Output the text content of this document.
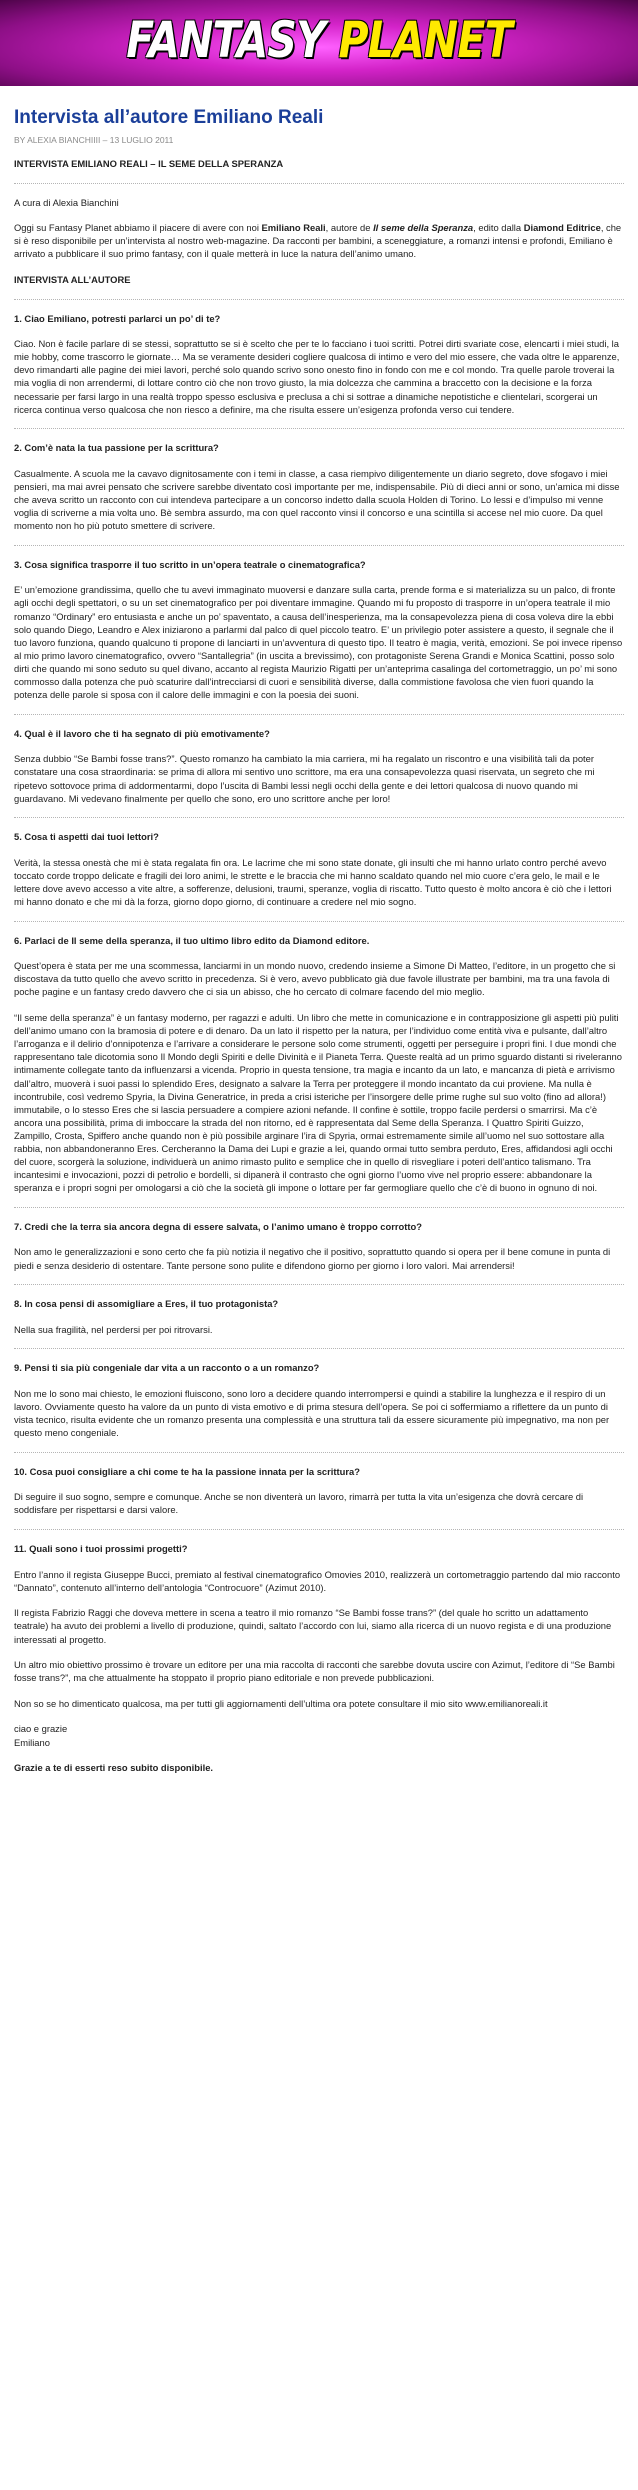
FANTASY PLANET
Intervista all’autore Emiliano Reali
BY ALEXIA BIANCHIIII – 13 LUGLIO 2011

INTERVISTA EMILIANO REALI – IL SEME DELLA SPERANZA

A cura di Alexia Bianchini

Oggi su Fantasy Planet abbiamo il piacere di avere con noi Emiliano Reali, autore de Il seme della Speranza, edito dalla Diamond Editrice, che si è reso disponibile per un’intervista al nostro web-magazine. Da racconti per bambini, a sceneggiature, a romanzi intensi e profondi, Emiliano è arrivato a pubblicare il suo primo fantasy, con il quale metterà in luce la natura dell’animo umano.

INTERVISTA ALL’AUTORE

1. Ciao Emiliano, potresti parlarci un po’ di te?

Ciao. Non è facile parlare di se stessi, soprattutto se si è scelto che per te lo facciano i tuoi scritti. Potrei dirti svariate cose, elencarti i miei studi, la mie hobby, come trascorro le giornate… Ma se veramente desideri cogliere qualcosa di intimo e vero del mio essere, che vada oltre le apparenze, devo rimandarti alle pagine dei miei lavori, perché solo quando scrivo sono onesto fino in fondo con me e col mondo. Tra quelle parole troverai la mia voglia di non arrendermi, di lottare contro ciò che non trovo giusto, la mia dolcezza che cammina a braccetto con la decisione e la forza necessarie per farsi largo in una realtà troppo spesso esclusiva e preclusa a chi si sottrae a dinamiche nepotistiche e clientelari, scorgerai un ricerca continua verso qualcosa che non riesco a definire, ma che risulta essere un’esigenza profonda verso cui tendere.

2. Com’è nata la tua passione per la scrittura?

Casualmente. A scuola me la cavavo dignitosamente con i temi in classe, a casa riempivo diligentemente un diario segreto, dove sfogavo i miei pensieri, ma mai avrei pensato che scrivere sarebbe diventato così importante per me, indispensabile. Più di dieci anni or sono, un’amica mi disse che aveva scritto un racconto con cui intendeva partecipare a un concorso indetto dalla scuola Holden di Torino. Lo lessi e d’impulso mi venne voglia di scriverne a mia volta uno. Bè sembra assurdo, ma con quel racconto vinsi il concorso e una scintilla si accese nel mio cuore. Da quel momento non ho più potuto smettere di scrivere.

3. Cosa significa trasporre il tuo scritto in un’opera teatrale o cinematografica?

E’ un’emozione grandissima, quello che tu avevi immaginato muoversi e danzare sulla carta, prende forma e si materializza su un palco, di fronte agli occhi degli spettatori, o su un set cinematografico per poi diventare immagine. Quando mi fu proposto di trasporre in un’opera teatrale il mio romanzo “Ordinary” ero entusiasta e anche un po’ spaventato, a causa dell’inesperienza, ma la consapevolezza piena di cosa voleva dire la ebbi solo quando Diego, Leandro e Alex iniziarono a parlarmi dal palco di quel piccolo teatro. E’ un privilegio poter assistere a questo, il segnale che il tuo lavoro funziona, quando qualcuno ti propone di lanciarti in un’avventura di questo tipo. Il teatro è magia, verità, emozioni. Se poi invece ripenso al mio primo lavoro cinematografico, ovvero “Santallegria” (in uscita a brevissimo), con protagoniste Serena Grandi e Monica Scattini, posso solo dirti che quando mi sono seduto su quel divano, accanto al regista Maurizio Rigatti per un’anteprima casalinga del cortometraggio, un po’ mi sono commosso dalla potenza che può scaturire dall’intrecciarsi di cuori e sensibilità diverse, dalla commistione favolosa che vien fuori quando la potenza delle parole si sposa con il calore delle immagini e con la poesia dei suoni.

4. Qual è il lavoro che ti ha segnato di più emotivamente?

Senza dubbio “Se Bambi fosse trans?”. Questo romanzo ha cambiato la mia carriera, mi ha regalato un riscontro e una visibilità tali da poter constatare una cosa straordinaria: se prima di allora mi sentivo uno scrittore, ma era una consapevolezza quasi riservata, un segreto che mi ripetevo sottovoce prima di addormentarmi, dopo l’uscita di Bambi lessi negli occhi della gente e dei lettori qualcosa di nuovo quando mi guardavano. Mi vedevano finalmente per quello che sono, ero uno scrittore anche per loro!

5. Cosa ti aspetti dai tuoi lettori?

Verità, la stessa onestà che mi è stata regalata fin ora. Le lacrime che mi sono state donate, gli insulti che mi hanno urlato contro perché avevo toccato corde troppo delicate e fragili dei loro animi, le strette e le braccia che mi hanno scaldato quando nel mio cuore c’era gelo, le mail e le lettere dove avevo accesso a vite altre, a sofferenze, delusioni, traumi, speranze, voglia di riscatto. Tutto questo è molto ancora è ciò che i lettori mi hanno donato e che mi dà la forza, giorno dopo giorno, di continuare a credere nel mio sogno.

6. Parlaci de Il seme della speranza, il tuo ultimo libro edito da Diamond editore.

Quest’opera è stata per me una scommessa, lanciarmi in un mondo nuovo, credendo insieme a Simone Di Matteo, l’editore, in un progetto che si discostava da tutto quello che avevo scritto in precedenza. Si è vero, avevo pubblicato già due favole illustrate per bambini, ma tra una favola di poche pagine e un fantasy credo davvero che ci sia un abisso, che ho cercato di colmare facendo del mio meglio.

“Il seme della speranza” è un fantasy moderno, per ragazzi e adulti. Un libro che mette in comunicazione e in contrapposizione gli aspetti più puliti dell’animo umano con la bramosia di potere e di denaro. Da un lato il rispetto per la natura, per l’individuo come entità viva e pulsante, dall’altro l’arroganza e il delirio d’onnipotenza e l’arrivare a considerare le persone solo come strumenti, oggetti per perseguire i propri fini. I due mondi che rappresentano tale dicotomia sono Il Mondo degli Spiriti e delle Divinità e il Pianeta Terra. Queste realtà ad un primo sguardo distanti si riveleranno intimamente collegate tanto da influenzarsi a vicenda. Proprio in questa tensione, tra magia e incanto da un lato, e mancanza di pietà e arrivismo dall’altro, muoverà i suoi passi lo splendido Eres, designato a salvare la Terra per proteggere il mondo incantato da cui proviene. Ma nulla è incontrubile, così vedremo Spyria, la Divina Generatrice, in preda a crisi isteriche per l’insorgere delle prime rughe sul suo volto (fino ad allora!) immutabile, o lo stesso Eres che si lascia persuadere a compiere azioni nefande. Il confine è sottile, troppo facile perdersi o smarrirsi. Ma c’è ancora una possibilità, prima di imboccare la strada del non ritorno, ed è rappresentata dal Seme della Speranza. I Quattro Spiriti Guizzo, Zampillo, Crosta, Spiffero anche quando non è più possibile arginare l’ira di Spyria, ormai estremamente simile all’uomo nel suo sottostare alla rabbia, non abbandoneranno Eres. Cercheranno la Dama dei Lupi e grazie a lei, quando ormai tutto sembra perduto, Eres, affidandosi agli occhi del cuore, scorgerà la soluzione, individuerà un animo rimasto pulito e semplice che in quello di risvegliare i poteri dell’antico talismano. Tra incantesimi e invocazioni, pozzi di petrolio e bordelli, si dipanerà il contrasto che ogni giorno l’uomo vive nel proprio essere: abbandonare la speranza e i propri sogni per omologarsi a ciò che la società gli impone o lottare per far germogliare quello che c’è di buono in ognuno di noi.

7. Credi che la terra sia ancora degna di essere salvata, o l’animo umano è troppo corrotto?

Non amo le generalizzazioni e sono certo che fa più notizia il negativo che il positivo, soprattutto quando si opera per il bene comune in punta di piedi e senza desiderio di ostentare. Tante persone sono pulite e difendono giorno per giorno i loro valori. Mai arrendersi!

8. In cosa pensi di assomigliare a Eres, il tuo protagonista?

Nella sua fragilità, nel perdersi per poi ritrovarsi.

9. Pensi ti sia più congeniale dar vita a un racconto o a un romanzo?

Non me lo sono mai chiesto, le emozioni fluiscono, sono loro a decidere quando interrompersi e quindi a stabilire la lunghezza e il respiro di un lavoro. Ovviamente questo ha valore da un punto di vista emotivo e di prima stesura dell’opera. Se poi ci soffermiamo a riflettere da un punto di vista tecnico, risulta evidente che un romanzo presenta una complessità e una struttura tali da essere sicuramente più impegnativo, ma non per questo meno congeniale.

10. Cosa puoi consigliare a chi come te ha la passione innata per la scrittura?

Di seguire il suo sogno, sempre e comunque. Anche se non diventerà un lavoro, rimarrà per tutta la vita un’esigenza che dovrà cercare di soddisfare per rispettarsi e darsi valore.

11. Quali sono i tuoi prossimi progetti?

Entro l’anno il regista Giuseppe Bucci, premiato al festival cinematografico Omovies 2010, realizzerà un cortometraggio partendo dal mio racconto “Dannato”, contenuto all’interno dell’antologia “Controcuore” (Azimut 2010).

Il regista Fabrizio Raggi che doveva mettere in scena a teatro il mio romanzo “Se Bambi fosse trans?” (del quale ho scritto un adattamento teatrale) ha avuto dei problemi a livello di produzione, quindi, saltato l’accordo con lui, siamo alla ricerca di un nuovo regista e di una produzione interessati al progetto.

Un altro mio obiettivo prossimo è trovare un editore per una mia raccolta di racconti che sarebbe dovuta uscire con Azimut, l’editore di “Se Bambi fosse trans?”, ma che attualmente ha stoppato il proprio piano editoriale e non prevede pubblicazioni.

Non so se ho dimenticato qualcosa, ma per tutti gli aggiornamenti dell’ultima ora potete consultare il mio sito www.emilianoreali.it

ciao e grazie
Emiliano

Grazie a te di esserti reso subito disponibile.
